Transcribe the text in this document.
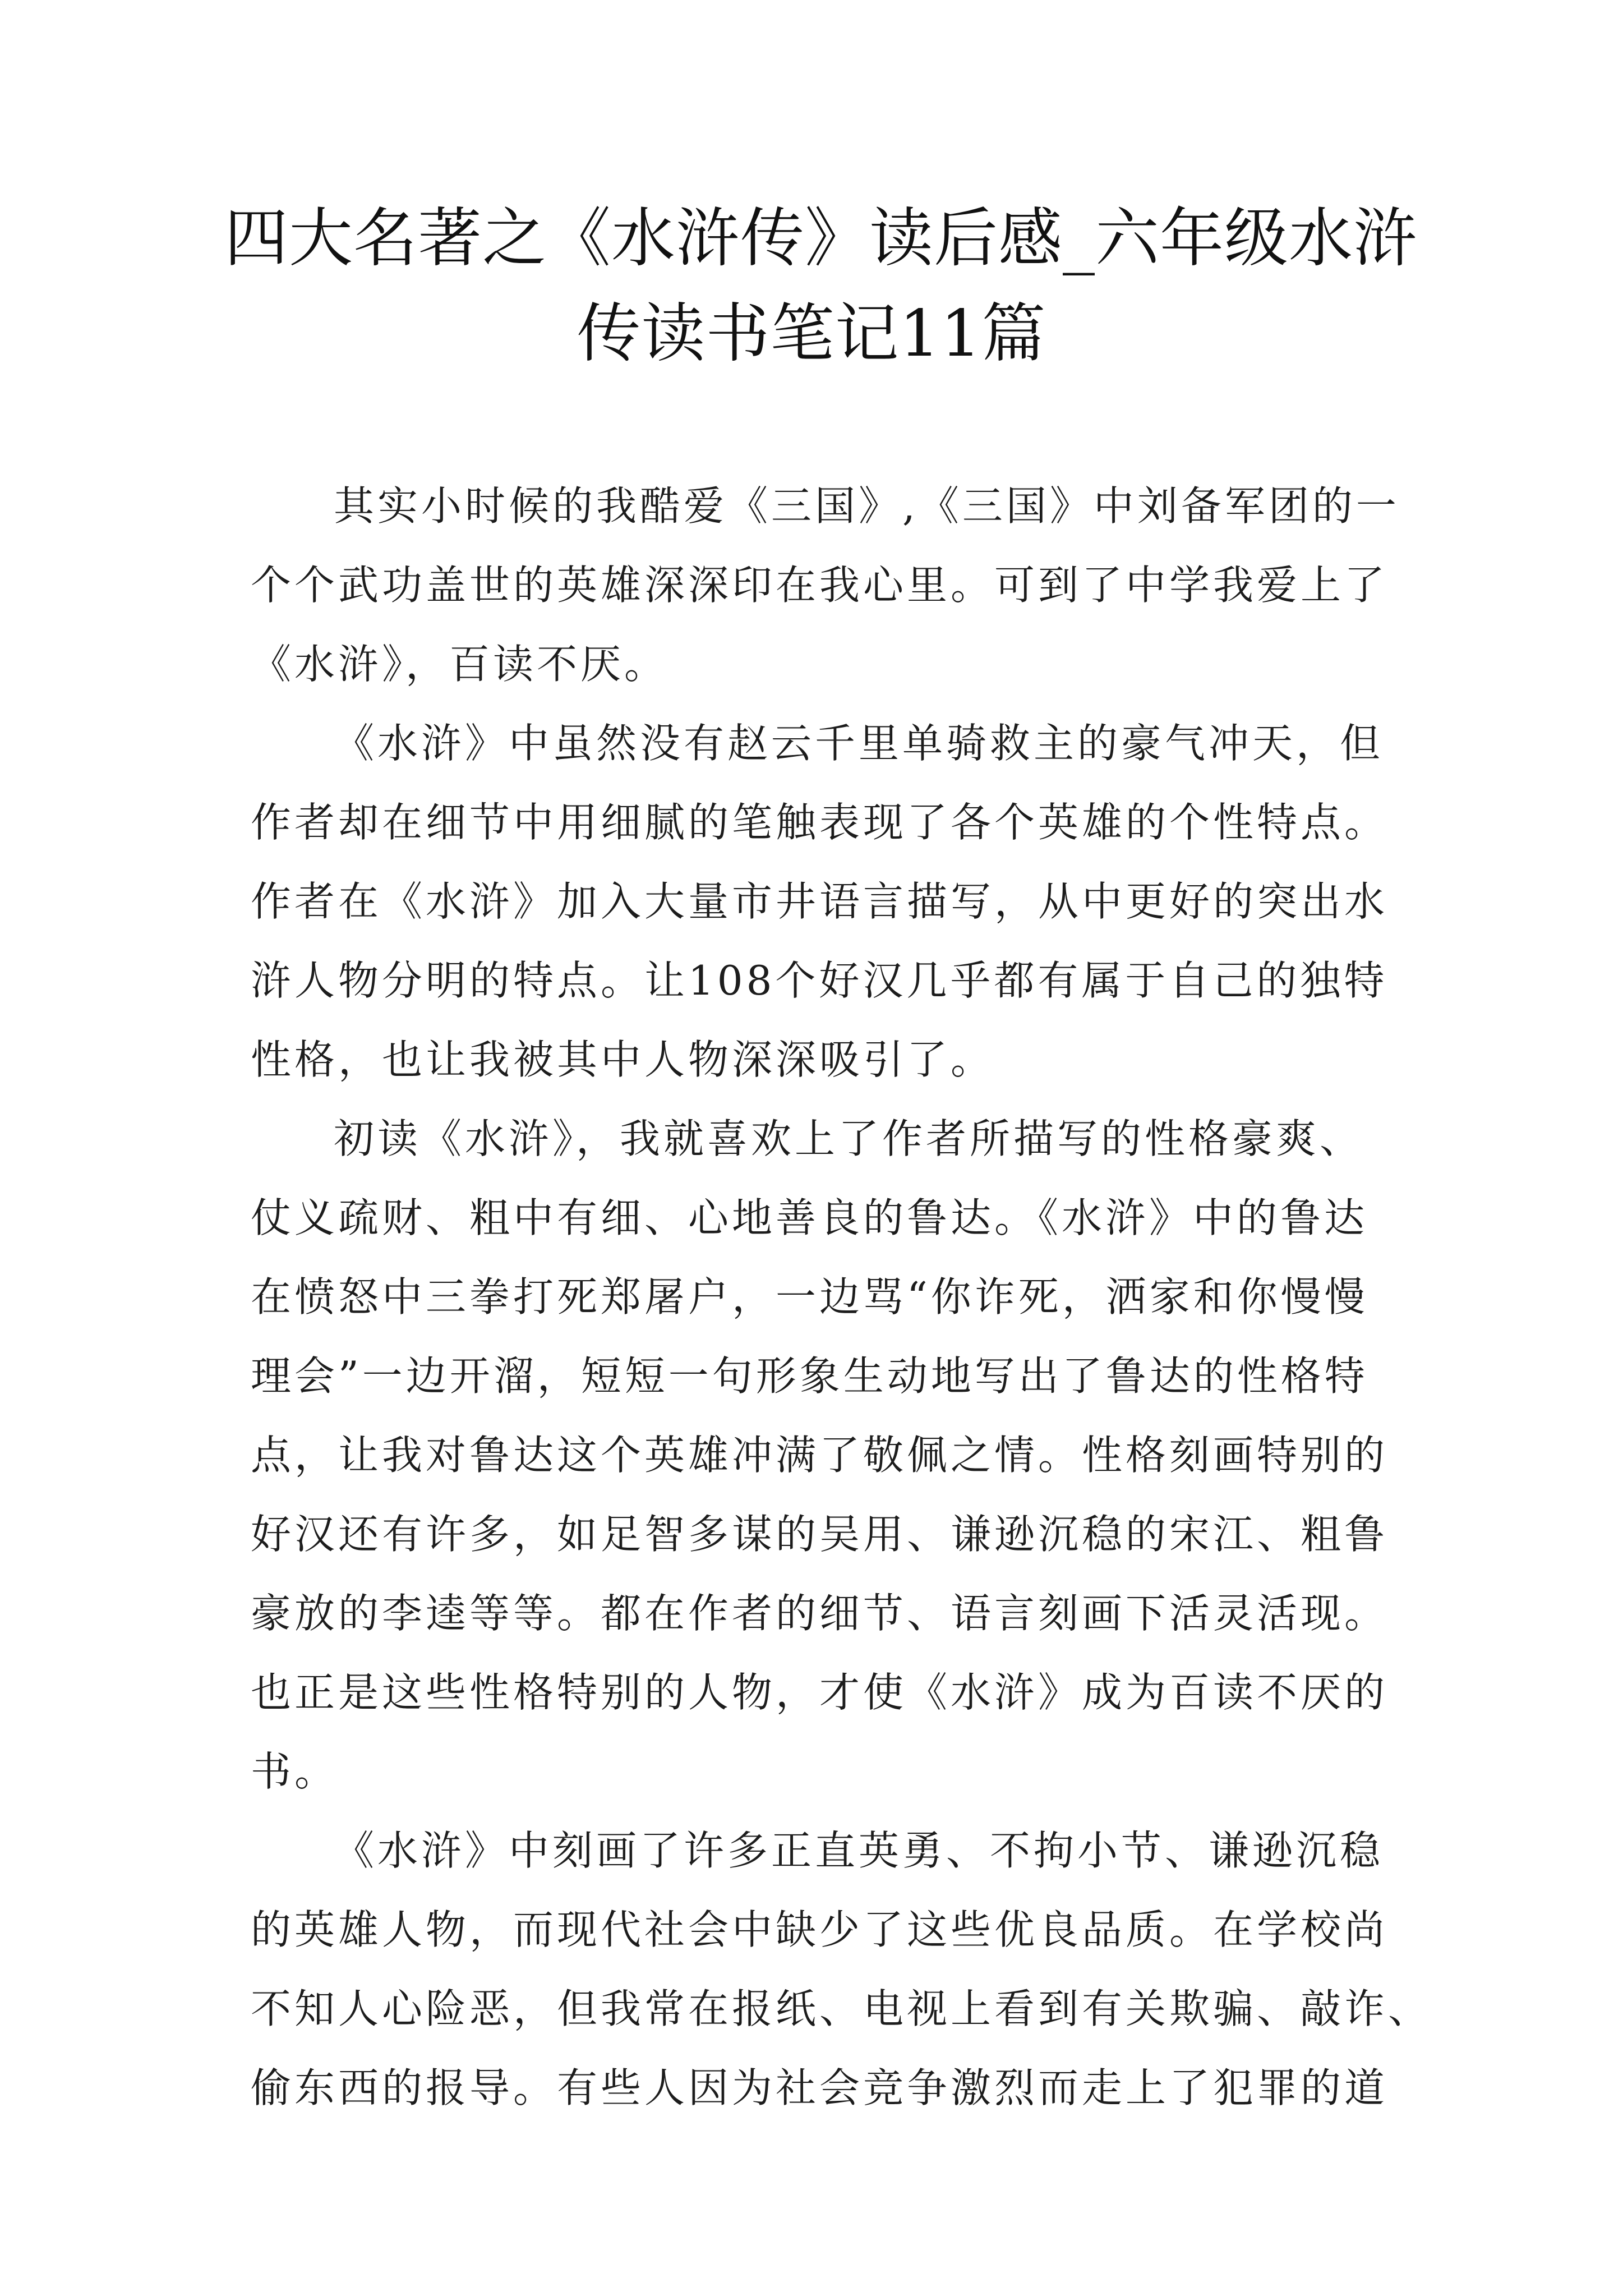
四大名著之《水浒传》读后感_六年级水浒
传读书笔记11篇
其实小时候的我酷爱《三国》,《三国》中刘备军团的一
个个武功盖世的英雄深深印在我心里。可到了中学我爱上了
《水浒》，百读不厌。
《水浒》中虽然没有赵云千里单骑救主的豪气冲天，但
作者却在细节中用细腻的笔触表现了各个英雄的个性特点。
作者在《水浒》加入大量市井语言描写，从中更好的突出水
浒人物分明的特点。让108个好汉几乎都有属于自己的独特
性格，也让我被其中人物深深吸引了。
初读《水浒》，我就喜欢上了作者所描写的性格豪爽、
仗义疏财、粗中有细、心地善良的鲁达。《水浒》中的鲁达
在愤怒中三拳打死郑屠户，一边骂“你诈死，洒家和你慢慢
理会”一边开溜，短短一句形象生动地写出了鲁达的性格特
点，让我对鲁达这个英雄冲满了敬佩之情。性格刻画特别的
好汉还有许多，如足智多谋的吴用、谦逊沉稳的宋江、粗鲁
豪放的李逵等等。都在作者的细节、语言刻画下活灵活现。
也正是这些性格特别的人物，才使《水浒》成为百读不厌的
书。
《水浒》中刻画了许多正直英勇、不拘小节、谦逊沉稳
的英雄人物，而现代社会中缺少了这些优良品质。在学校尚
不知人心险恶，但我常在报纸、电视上看到有关欺骗、敲诈、
偷东西的报导。有些人因为社会竞争激烈而走上了犯罪的道
